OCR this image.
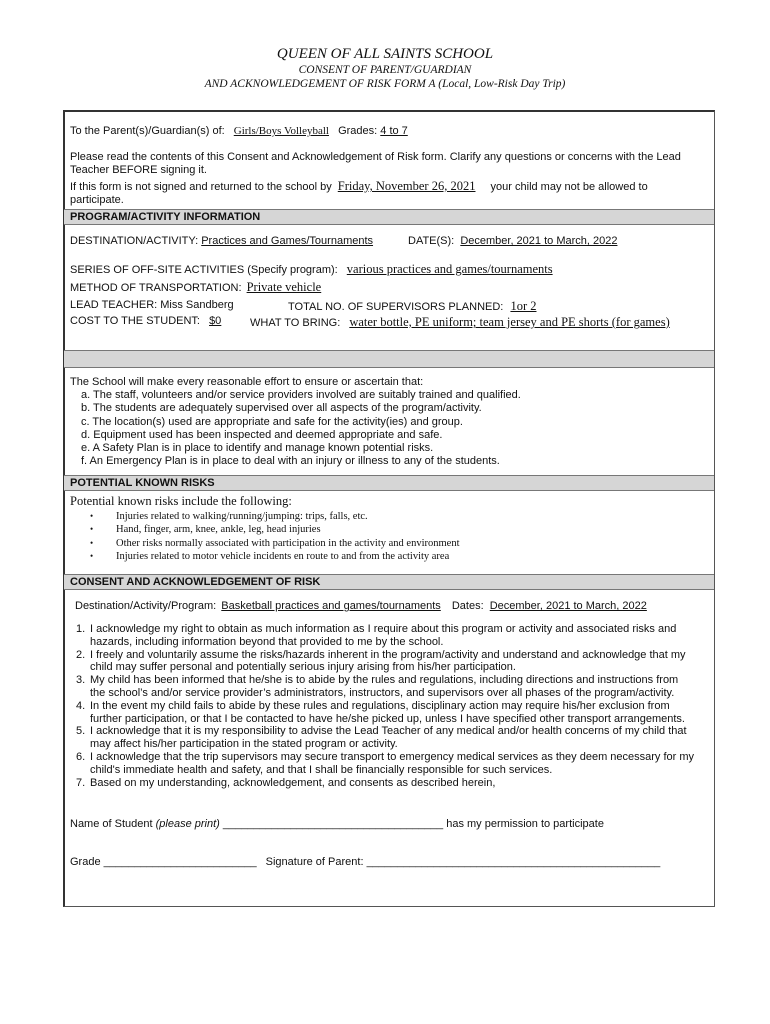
QUEEN OF ALL SAINTS SCHOOL
CONSENT OF PARENT/GUARDIAN
AND ACKNOWLEDGEMENT OF RISK FORM A (Local, Low-Risk Day Trip)
To the Parent(s)/Guardian(s) of: Girls/Boys Volleyball Grades: 4 to 7
Please read the contents of this Consent and Acknowledgement of Risk form. Clarify any questions or concerns with the Lead
Teacher BEFORE signing it.
If this form is not signed and returned to the school by Friday, November 26, 2021 your child may not be allowed to
participate.
PROGRAM/ACTIVITY INFORMATION
DESTINATION/ACTIVITY: Practices and Games/Tournaments	DATE(S): December, 2021 to March, 2022
SERIES OF OFF-SITE ACTIVITIES (Specify program): various practices and games/tournaments
METHOD OF TRANSPORTATION: Private vehicle
LEAD TEACHER: Miss Sandberg	TOTAL NO. OF SUPERVISORS PLANNED: 1or 2
COST TO THE STUDENT: $0	WHAT TO BRING: water bottle, PE uniform; team jersey and PE shorts (for games)
The School will make every reasonable effort to ensure or ascertain that:
a. The staff, volunteers and/or service providers involved are suitably trained and qualified.
b. The students are adequately supervised over all aspects of the program/activity.
c. The location(s) used are appropriate and safe for the activity(ies) and group.
d. Equipment used has been inspected and deemed appropriate and safe.
e. A Safety Plan is in place to identify and manage known potential risks.
f. An Emergency Plan is in place to deal with an injury or illness to any of the students.
POTENTIAL KNOWN RISKS
Potential known risks include the following:
• Injuries related to walking/running/jumping: trips, falls, etc.
• Hand, finger, arm, knee, ankle, leg, head injuries
• Other risks normally associated with participation in the activity and environment
• Injuries related to motor vehicle incidents en route to and from the activity area
CONSENT AND ACKNOWLEDGEMENT OF RISK
Destination/Activity/Program: Basketball practices and games/tournaments Dates: December, 2021 to March, 2022
1. I acknowledge my right to obtain as much information as I require about this program or activity and associated risks and
hazards, including information beyond that provided to me by the school.
2. I freely and voluntarily assume the risks/hazards inherent in the program/activity and understand and acknowledge that my
child may suffer personal and potentially serious injury arising from his/her participation.
3. My child has been informed that he/she is to abide by the rules and regulations, including directions and instructions from
the school’s and/or service provider’s administrators, instructors, and supervisors over all phases of the program/activity.
4. In the event my child fails to abide by these rules and regulations, disciplinary action may require his/her exclusion from
further participation, or that I be contacted to have he/she picked up, unless I have specified other transport arrangements.
5. I acknowledge that it is my responsibility to advise the Lead Teacher of any medical and/or health concerns of my child that
may affect his/her participation in the stated program or activity.
6. I acknowledge that the trip supervisors may secure transport to emergency medical services as they deem necessary for my
child's immediate health and safety, and that I shall be financially responsible for such services.
7. Based on my understanding, acknowledgement, and consents as described herein,
Name of Student (please print) ____________________________________ has my permission to participate
Grade _________________________ Signature of Parent: ________________________________________________
